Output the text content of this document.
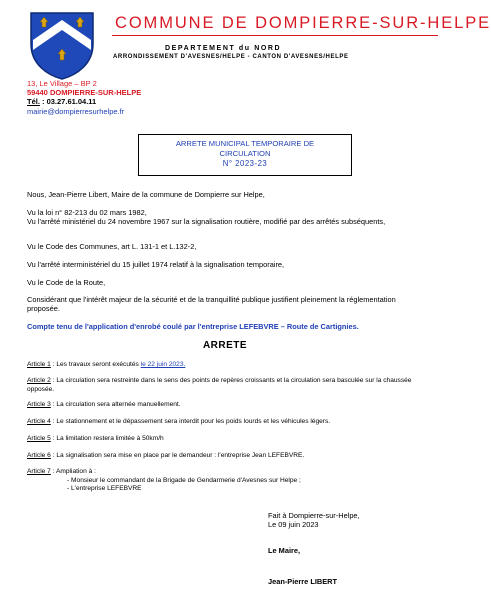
COMMUNE DE DOMPIERRE-SUR-HELPE
DEPARTEMENT du NORD
ARRONDISSEMENT D'AVESNES/HELPE - CANTON D'AVESNES/HELPE
13, Le Village – BP 2
59440 DOMPIERRE-SUR-HELPE
Tél. : 03.27.61.04.11
mairie@dompierresurhelpe.fr
ARRETE MUNICIPAL TEMPORAIRE DE
CIRCULATION
N° 2023-23
Nous, Jean-Pierre Libert, Maire de la commune de Dompierre sur Helpe,
Vu la loi n° 82-213 du 02 mars 1982,
Vu l'arrêté ministériel du 24 novembre 1967 sur la signalisation routière, modifié par des arrêtés subséquents,
Vu le Code des Communes, art L. 131-1 et L.132-2,
Vu l'arrêté interministériel du 15 juillet 1974 relatif à la signalisation temporaire,
Vu le Code de la Route,
Considérant que l'intérêt majeur de la sécurité et de la tranquillité publique justifient pleinement la réglementation proposée.
Compte tenu de l'application d'enrobé coulé par l'entreprise LEFEBVRE – Route de Cartignies.
ARRETE
Article 1 : Les travaux seront exécutés le 22 juin 2023.
Article 2 : La circulation sera restreinte dans le sens des points de repères croissants et la circulation sera basculée sur la chaussée opposée.
Article 3 : La circulation sera alternée manuellement.
Article 4 : Le stationnement et le dépassement sera interdit pour les poids lourds et les véhicules légers.
Article 5 : La limitation restera limitée à 50km/h
Article 6 : La signalisation sera mise en place par le demandeur : l'entreprise Jean LEFEBVRE.
Article 7 : Ampliation à :
- Monsieur le commandant de la Brigade de Gendarmerie d'Avesnes sur Helpe ;
- L'entreprise LEFEBVRE
Fait à Dompierre-sur-Helpe,
Le 09 juin 2023
Le Maire,
Jean-Pierre LIBERT
